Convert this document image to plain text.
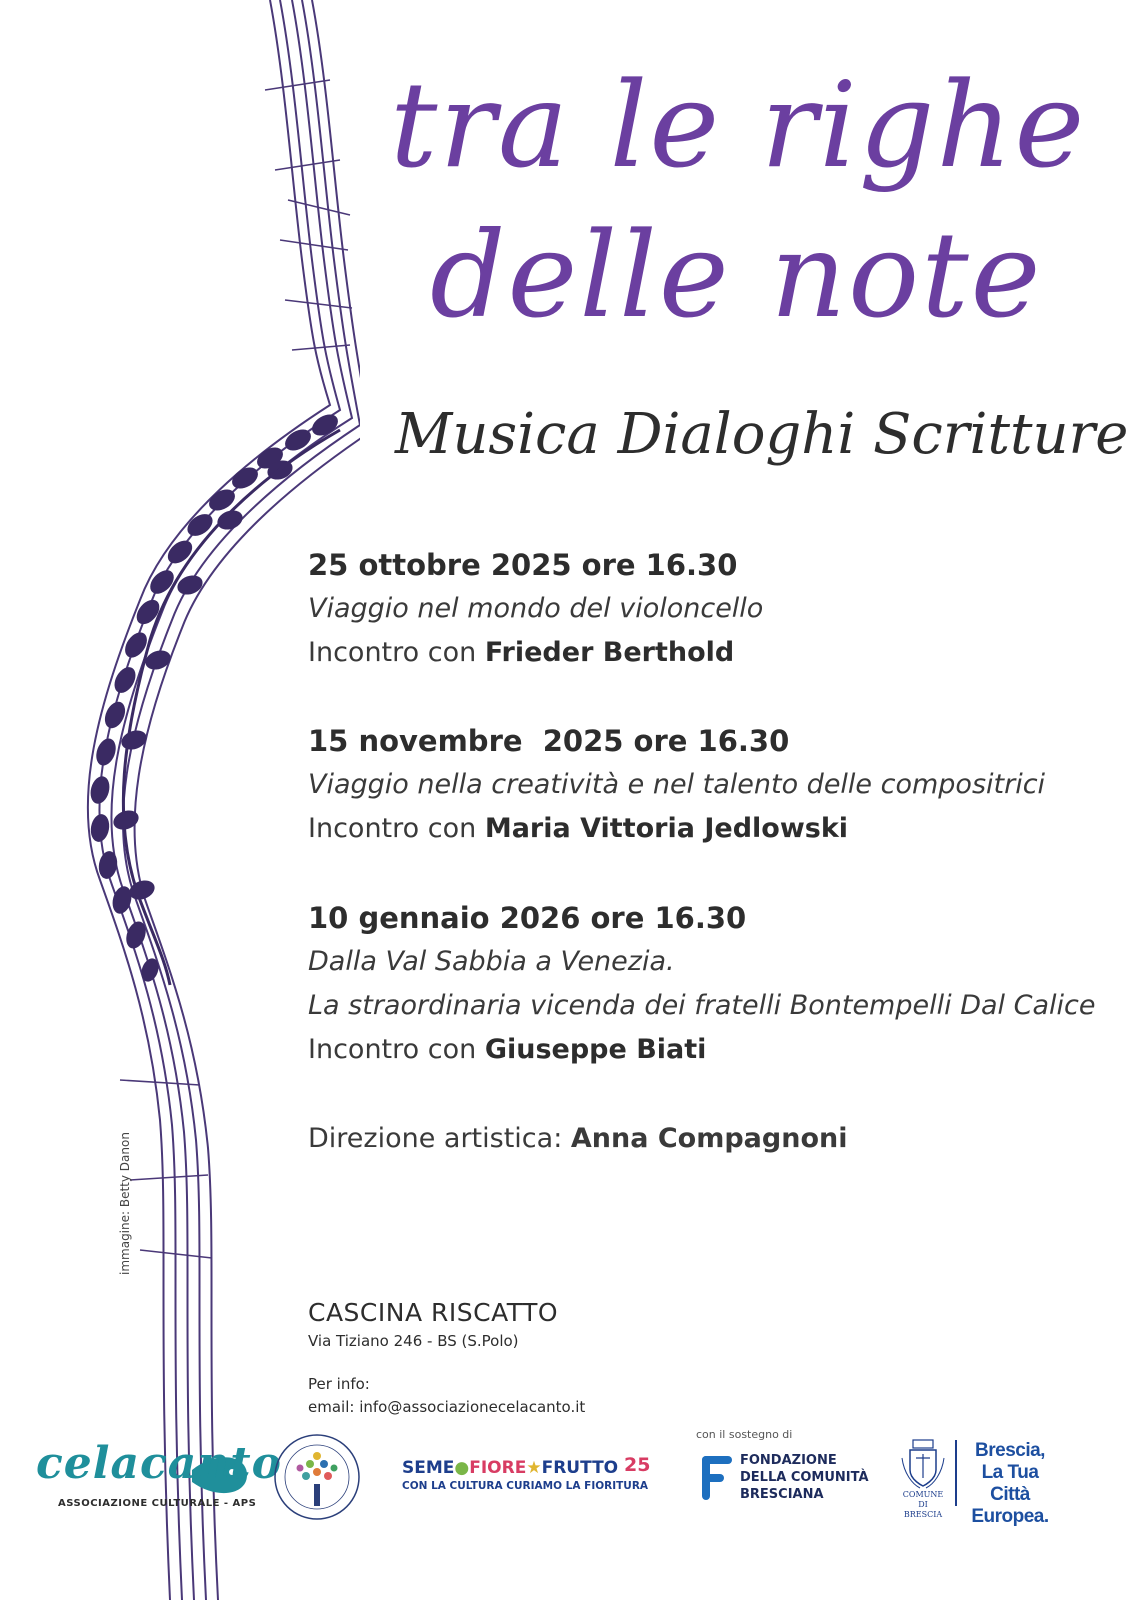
tra le righe
delle note
Musica Dialoghi Scritture
25 ottobre 2025 ore 16.30
Viaggio nel mondo del violoncello
Incontro con Frieder Berthold
15 novembre  2025 ore 16.30
Viaggio nella creatività e nel talento delle compositrici
Incontro con Maria Vittoria Jedlowski
10 gennaio 2026 ore 16.30
Dalla Val Sabbia a Venezia.
La straordinaria vicenda dei fratelli Bontempelli Dal Calice
Incontro con Giuseppe Biati
Direzione artistica: Anna Compagnoni
immagine: Betty Danon
CASCINA RISCATTO
Via Tiziano 246 - BS (S.Polo)
Per info:
email: info@associazionecelacanto.it
con il sostegno di
celacanto
ASSOCIAZIONE CULTURALE - APS
SEME●FIORE★FRUTTO 25
CON LA CULTURA CURIAMO LA FIORITURA
FONDAZIONE
DELLA COMUNITÀ
BRESCIANA	COMUNE DI
BRESCIA
Brescia,
La Tua Città
Europea.
